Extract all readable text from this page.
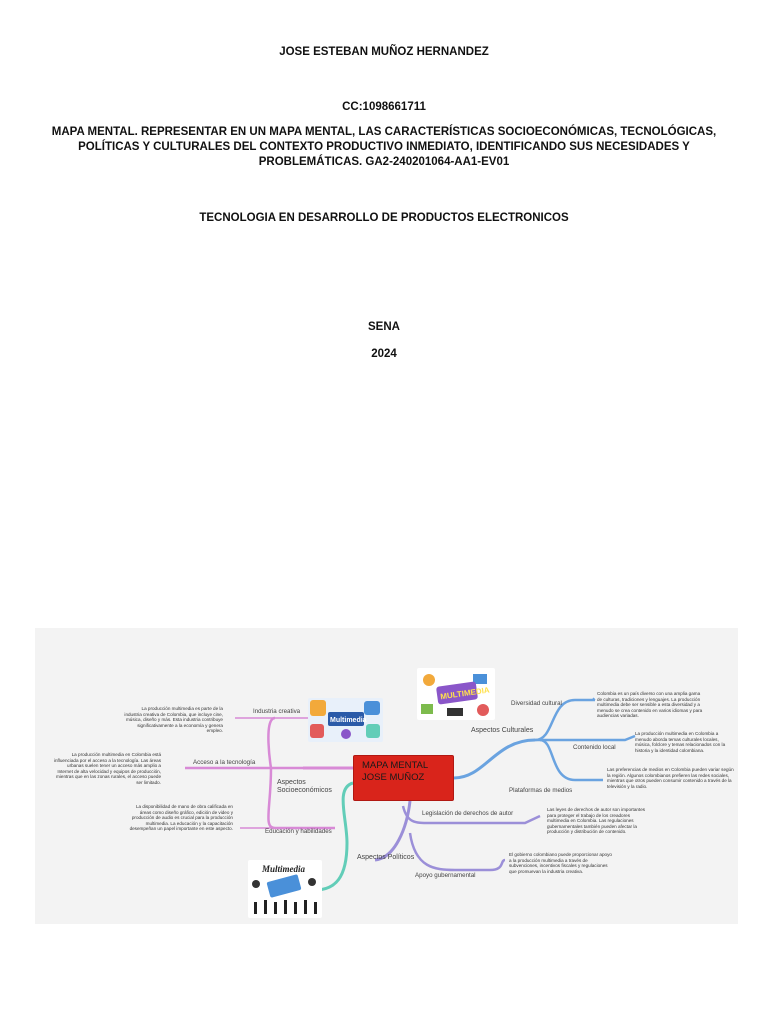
JOSE ESTEBAN MUÑOZ HERNANDEZ

CC:1098661711

MAPA MENTAL. REPRESENTAR EN UN MAPA MENTAL, LAS CARACTERÍSTICAS SOCIOECONÓMICAS, TECNOLÓGICAS,
POLÍTICAS Y CULTURALES DEL CONTEXTO PRODUCTIVO INMEDIATO, IDENTIFICANDO SUS NECESIDADES Y
PROBLEMÁTICAS. GA2-240201064-AA1-EV01

TECNOLOGIA EN DESARROLLO DE PRODUCTOS ELECTRONICOS

SENA

2024

MAPA MENTAL
JOSE MUÑOZ
Aspectos
Socioeconómicos
Industria creativa
La producción multimedia es parte de la industria creativa de Colombia, que incluye cine, música, diseño y más. Esta industria contribuye significativamente a la economía y genera empleo.
Acceso a la tecnología
La producción multimedia en Colombia está influenciada por el acceso a la tecnología. Las áreas urbanas suelen tener un acceso más amplio a Internet de alta velocidad y equipos de producción, mientras que en las zonas rurales, el acceso puede ser limitado.
Educación y habilidades
La disponibilidad de mano de obra calificada en áreas como diseño gráfico, edición de video y producción de audio es crucial para la producción multimedia. La educación y la capacitación desempeñan un papel importante en este aspecto.
Aspectos Culturales
Diversidad cultural
Colombia es un país diverso con una amplia gama de culturas, tradiciones y lenguajes. La producción multimedia debe ser sensible a esta diversidad y a menudo se crea contenido en varios idiomas y para audiencias variadas.
Contenido local
La producción multimedia en Colombia a menudo aborda temas culturales locales, música, folclore y temas relacionados con la historia y la identidad colombiana.
Plataformas de medios
Las preferencias de medios en Colombia pueden variar según la región. Algunos colombianos prefieren las redes sociales, mientras que otros pueden consumir contenido a través de la televisión y la radio.
Aspectos Políticos
Legislación de derechos de autor
Las leyes de derechos de autor son importantes para proteger el trabajo de los creadores multimedia en Colombia. Las regulaciones gubernamentales también pueden afectar la producción y distribución de contenido.
Apoyo gubernamental
El gobierno colombiano puede proporcionar apoyo a la producción multimedia a través de subvenciones, incentivos fiscales y regulaciones que promuevan la industria creativa.
MULTIMEDIA
Multimedia
Multimedia
